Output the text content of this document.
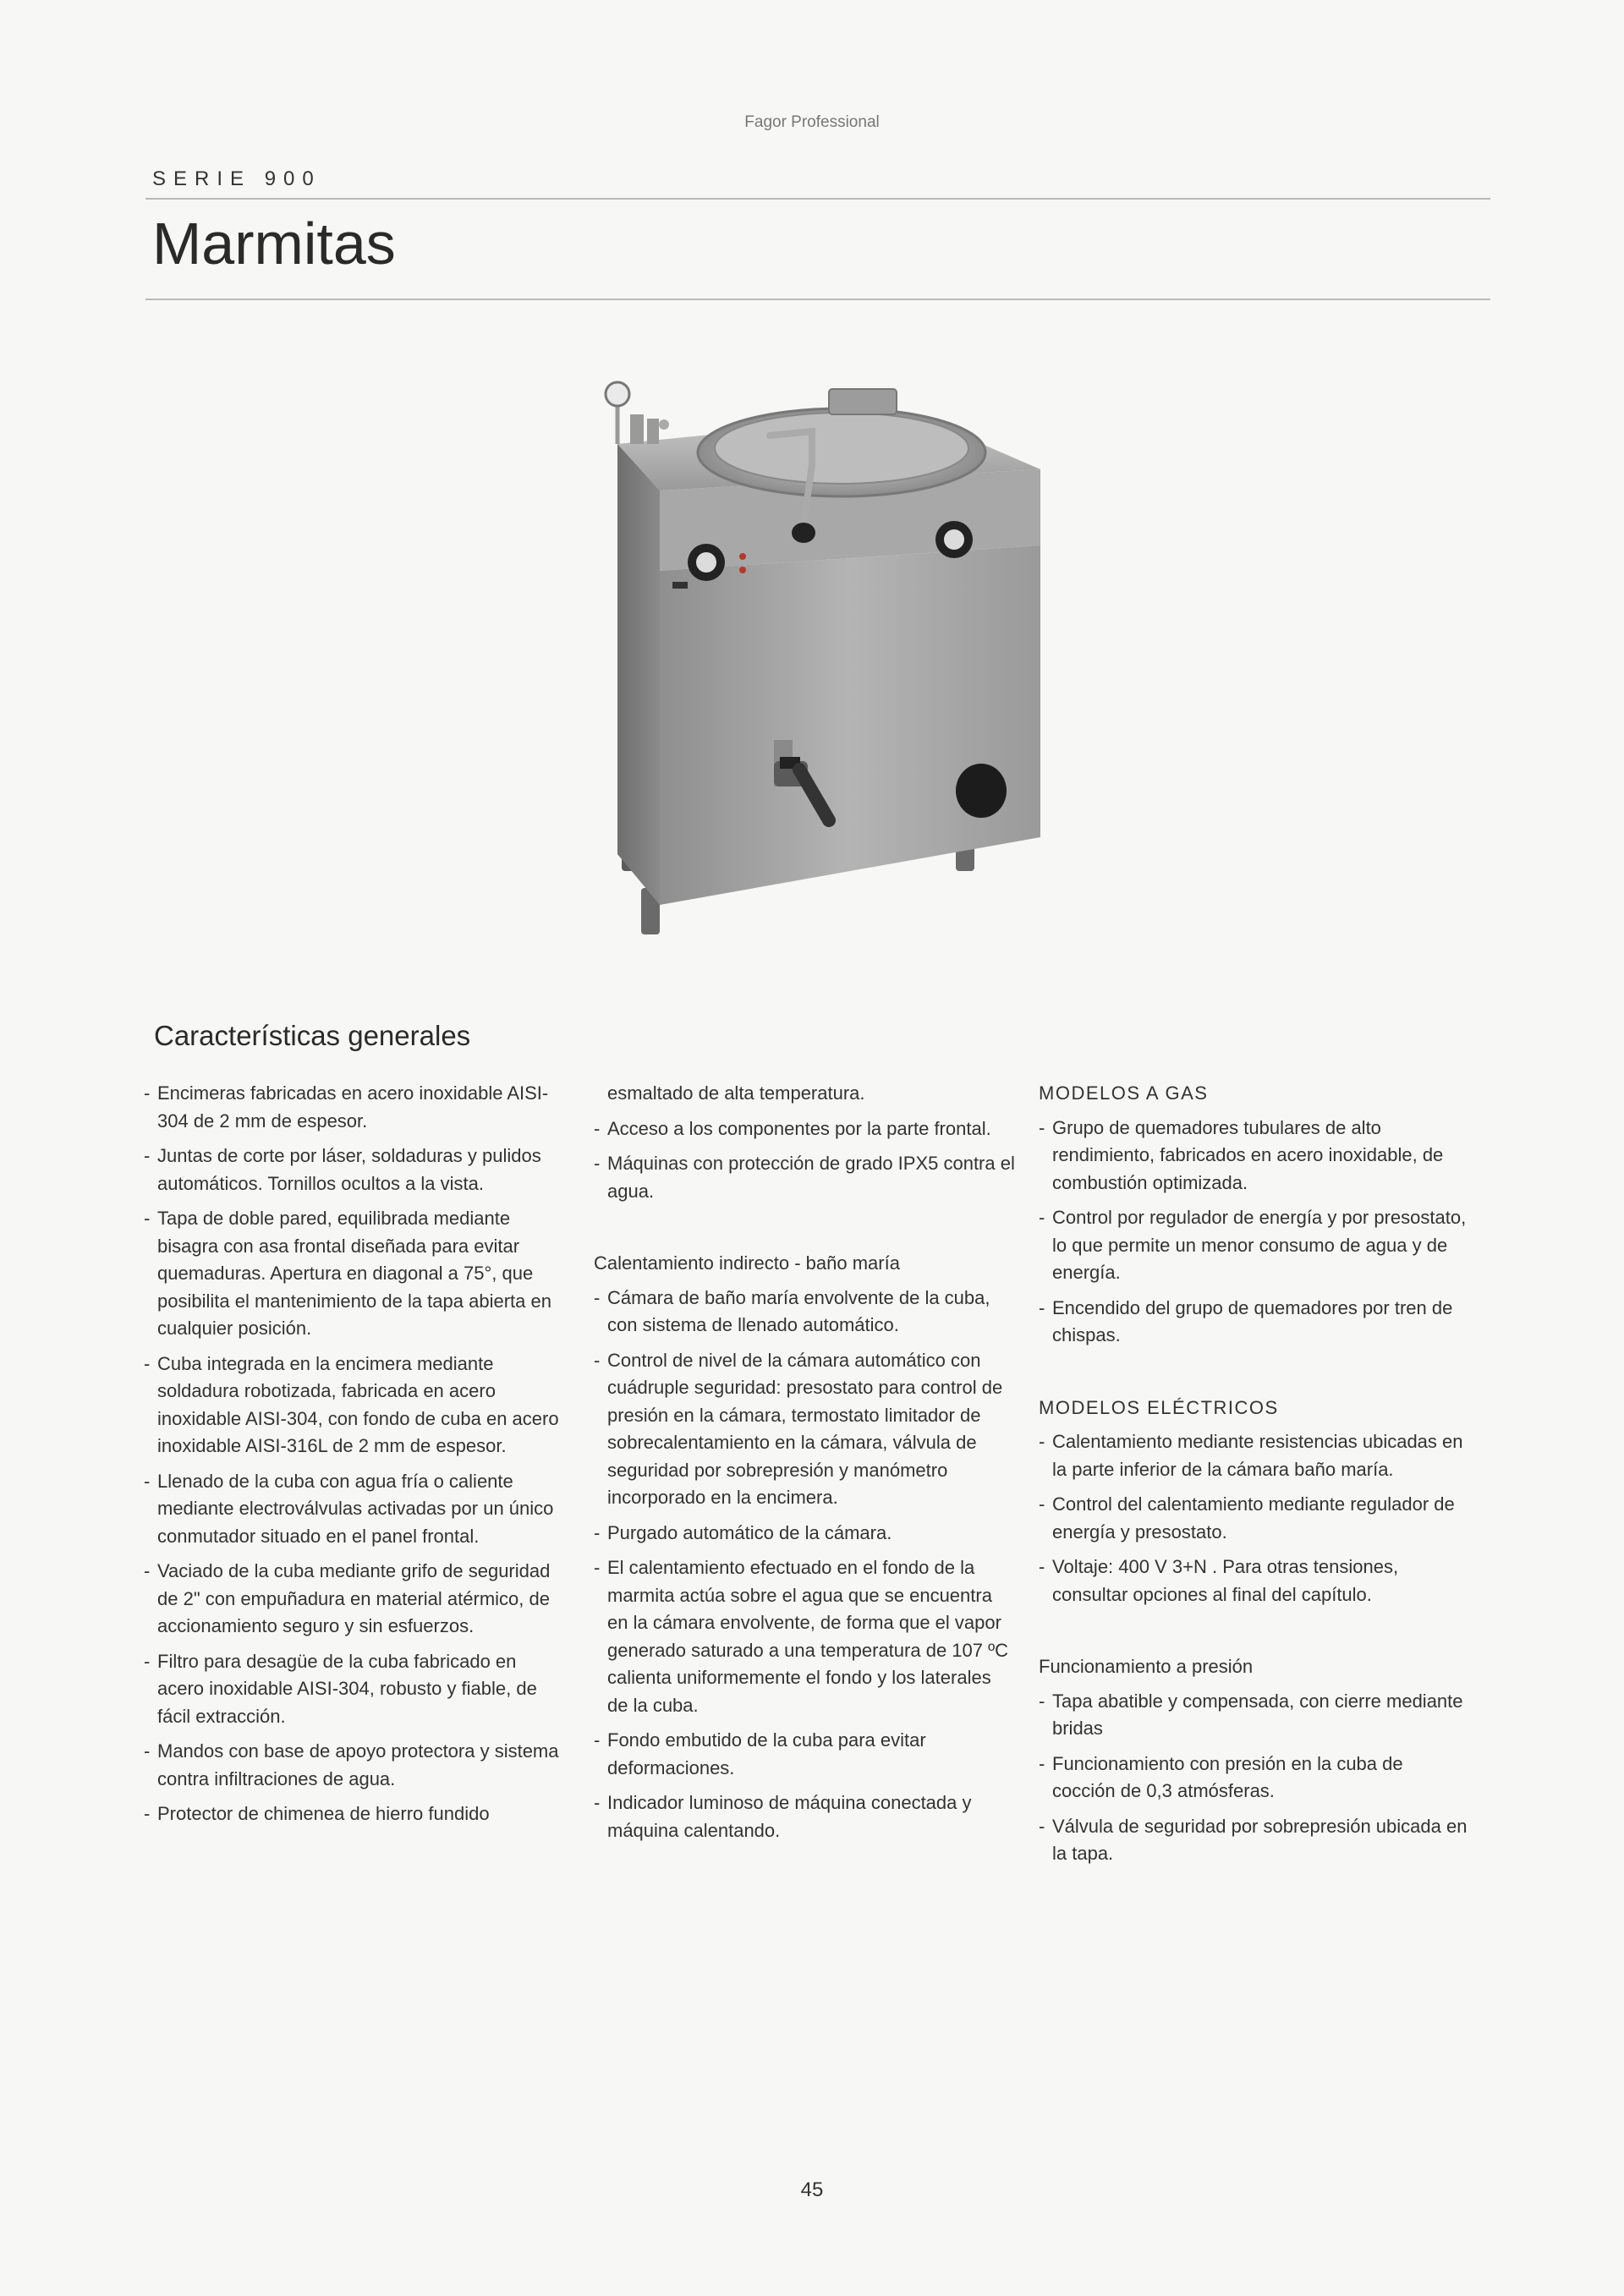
Fagor Professional
SERIE 900
Marmitas
Características generales
- Encimeras fabricadas en acero inoxidable AISI-304 de 2 mm de espesor.
- Juntas de corte por láser, soldaduras y pulidos automáticos. Tornillos ocultos a la vista.
- Tapa de doble pared, equilibrada mediante bisagra con asa frontal diseñada para evitar quemaduras. Apertura en diagonal a 75°, que posibilita el mantenimiento de la tapa abierta en cualquier posición.
- Cuba integrada en la encimera mediante soldadura robotizada, fabricada en acero inoxidable AISI-304, con fondo de cuba en acero inoxidable AISI-316L de 2 mm de espesor.
- Llenado de la cuba con agua fría o caliente mediante electroválvulas activadas por un único conmutador situado en el panel frontal.
- Vaciado de la cuba mediante grifo de seguridad de 2" con empuñadura en material atérmico, de accionamiento seguro y sin esfuerzos.
- Filtro para desagüe de la cuba fabricado en acero inoxidable AISI-304, robusto y fiable, de fácil extracción.
- Mandos con base de apoyo protectora y sistema contra infiltraciones de agua.
- Protector de chimenea de hierro fundido
esmaltado de alta temperatura.
- Acceso a los componentes por la parte frontal.
- Máquinas con protección de grado IPX5 contra el agua.
Calentamiento indirecto - baño maría
- Cámara de baño maría envolvente de la cuba, con sistema de llenado automático.
- Control de nivel de la cámara automático con cuádruple seguridad: presostato para control de presión en la cámara, termostato limitador de sobrecalentamiento en la cámara, válvula de seguridad por sobrepresión y manómetro incorporado en la encimera.
- Purgado automático de la cámara.
- El calentamiento efectuado en el fondo de la marmita actúa sobre el agua que se encuentra en la cámara envolvente, de forma que el vapor generado saturado a una temperatura de 107 ºC calienta uniformemente el fondo y los laterales de la cuba.
- Fondo embutido de la cuba para evitar deformaciones.
- Indicador luminoso de máquina conectada y máquina calentando.
MODELOS A GAS
- Grupo de quemadores tubulares de alto rendimiento, fabricados en acero inoxidable, de combustión optimizada.
- Control por regulador de energía y por presostato, lo que permite un menor consumo de agua y de energía.
- Encendido del grupo de quemadores por tren de chispas.
MODELOS ELÉCTRICOS
- Calentamiento mediante resistencias ubicadas en la parte inferior de la cámara baño maría.
- Control del calentamiento mediante regulador de energía y presostato.
- Voltaje: 400 V 3+N . Para otras tensiones, consultar opciones al final del capítulo.
Funcionamiento a presión
- Tapa abatible y compensada, con cierre mediante bridas
- Funcionamiento con presión en la cuba de cocción de 0,3 atmósferas.
- Válvula de seguridad por sobrepresión ubicada en la tapa.
45
